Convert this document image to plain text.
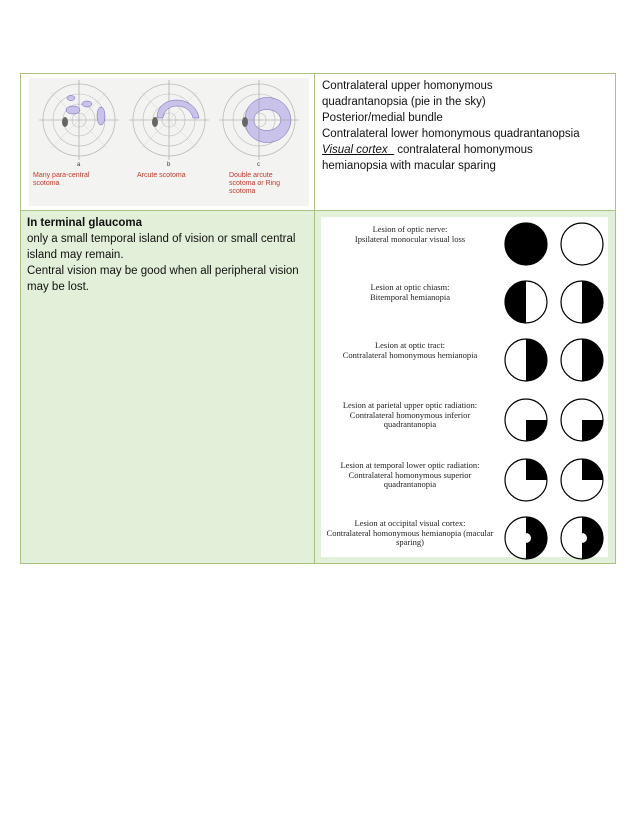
a	b	c
Many para-central scotoma
Arcute scotoma	Double arcute scotoma or Ring scotoma
Contralateral upper homonymous
quadrantanopsia (pie in the sky)
Posterior/medial bundle
Contralateral lower homonymous quadrantanopsia
Visual cortex_ contralateral homonymous
hemianopsia with macular sparing
In terminal glaucoma
only a small temporal island of vision or small central island may remain.
Central vision may be good when all peripheral vision may be lost.
Lesion of optic nerve:
Ipsilateral monocular visual loss
Lesion at optic chiasm:
Bitemporal hemianopia
Lesion at optic tract:
Contralateral homonymous hemianopia
Lesion at parietal upper optic radiation:
Contralateral homonymous inferior quadrantanopia
Lesion at temporal lower optic radiation:
Contralateral homonymous superior quadrantanopia
Lesion at occipital visual cortex:
Contralateral homonymous hemianopia (macular sparing)
